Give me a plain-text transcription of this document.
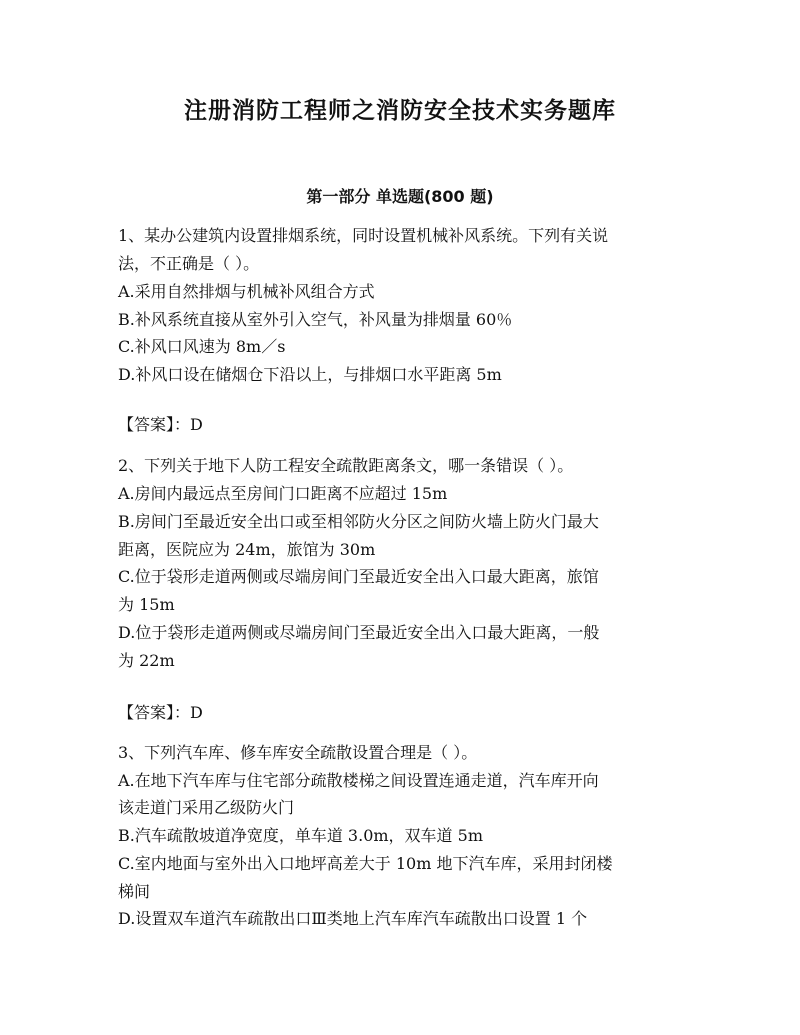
注册消防工程师之消防安全技术实务题库
第一部分 单选题(800 题)
1、某办公建筑内设置排烟系统，同时设置机械补风系统。下列有关说
法，不正确是（ ）。
A.采用自然排烟与机械补风组合方式
B.补风系统直接从室外引入空气，补风量为排烟量 60％
C.补风口风速为 8m／s
D.补风口设在储烟仓下沿以上，与排烟口水平距离 5m
【答案】：D
2、下列关于地下人防工程安全疏散距离条文，哪一条错误（ ）。
A.房间内最远点至房间门口距离不应超过 15m
B.房间门至最近安全出口或至相邻防火分区之间防火墙上防火门最大
距离，医院应为 24m，旅馆为 30m
C.位于袋形走道两侧或尽端房间门至最近安全出入口最大距离，旅馆
为 15m
D.位于袋形走道两侧或尽端房间门至最近安全出入口最大距离，一般
为 22m
【答案】：D
3、下列汽车库、修车库安全疏散设置合理是（ ）。
A.在地下汽车库与住宅部分疏散楼梯之间设置连通走道，汽车库开向
该走道门采用乙级防火门
B.汽车疏散坡道净宽度，单车道 3.0m，双车道 5m
C.室内地面与室外出入口地坪高差大于 10m 地下汽车库，采用封闭楼
梯间
D.设置双车道汽车疏散出口Ⅲ类地上汽车库汽车疏散出口设置 1 个
